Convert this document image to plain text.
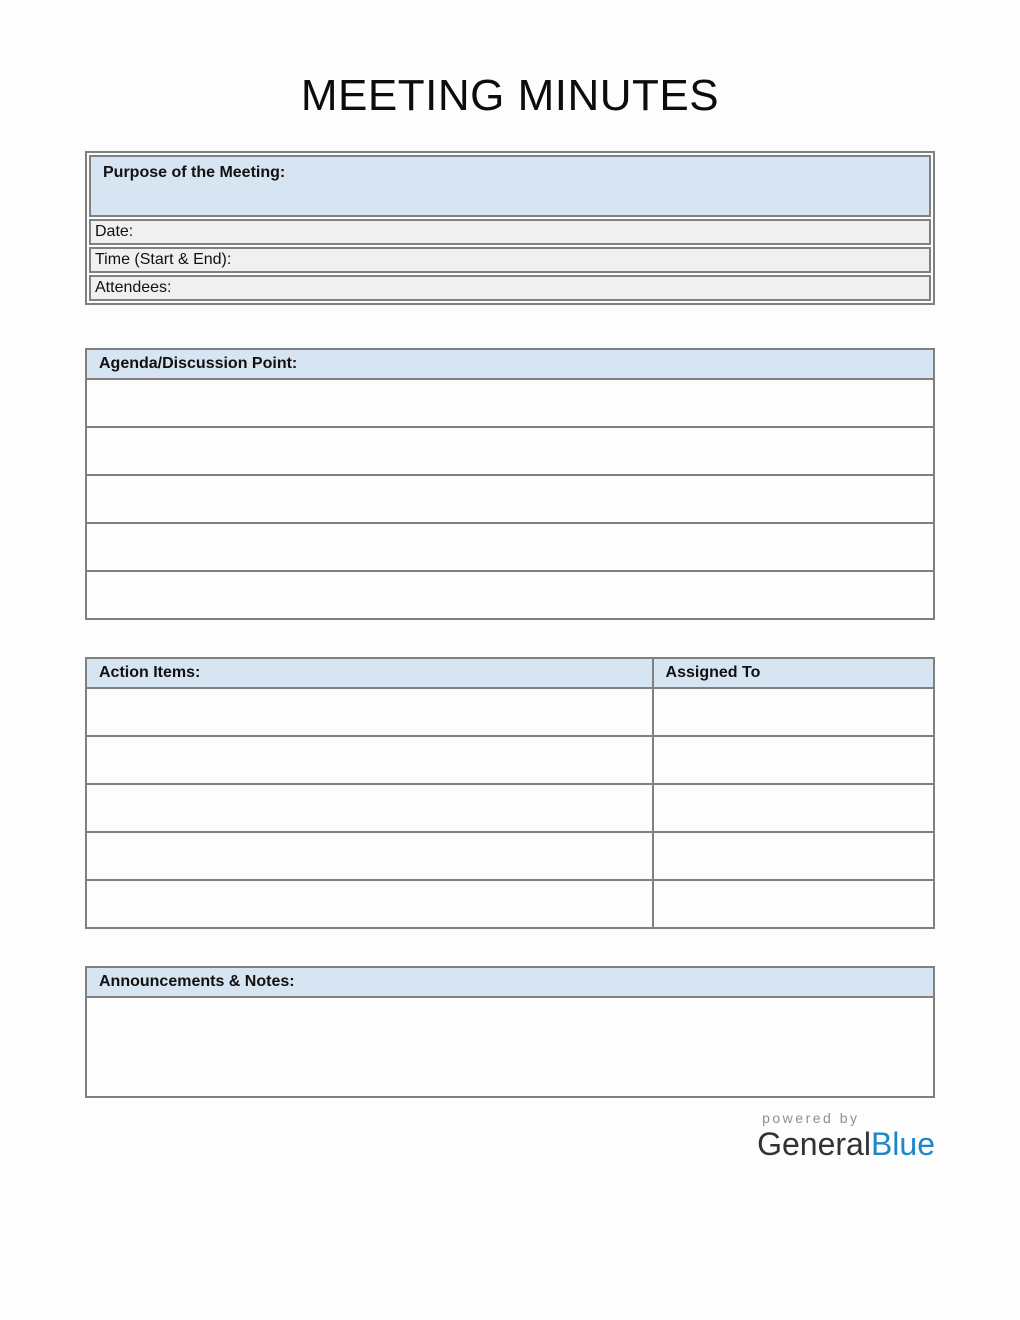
MEETING MINUTES
Purpose of the Meeting:
Date:
Time (Start & End):
Attendees:
Agenda/Discussion Point:

Action Items:	Assigned To

Announcements & Notes:

powered by
GeneralBlue
